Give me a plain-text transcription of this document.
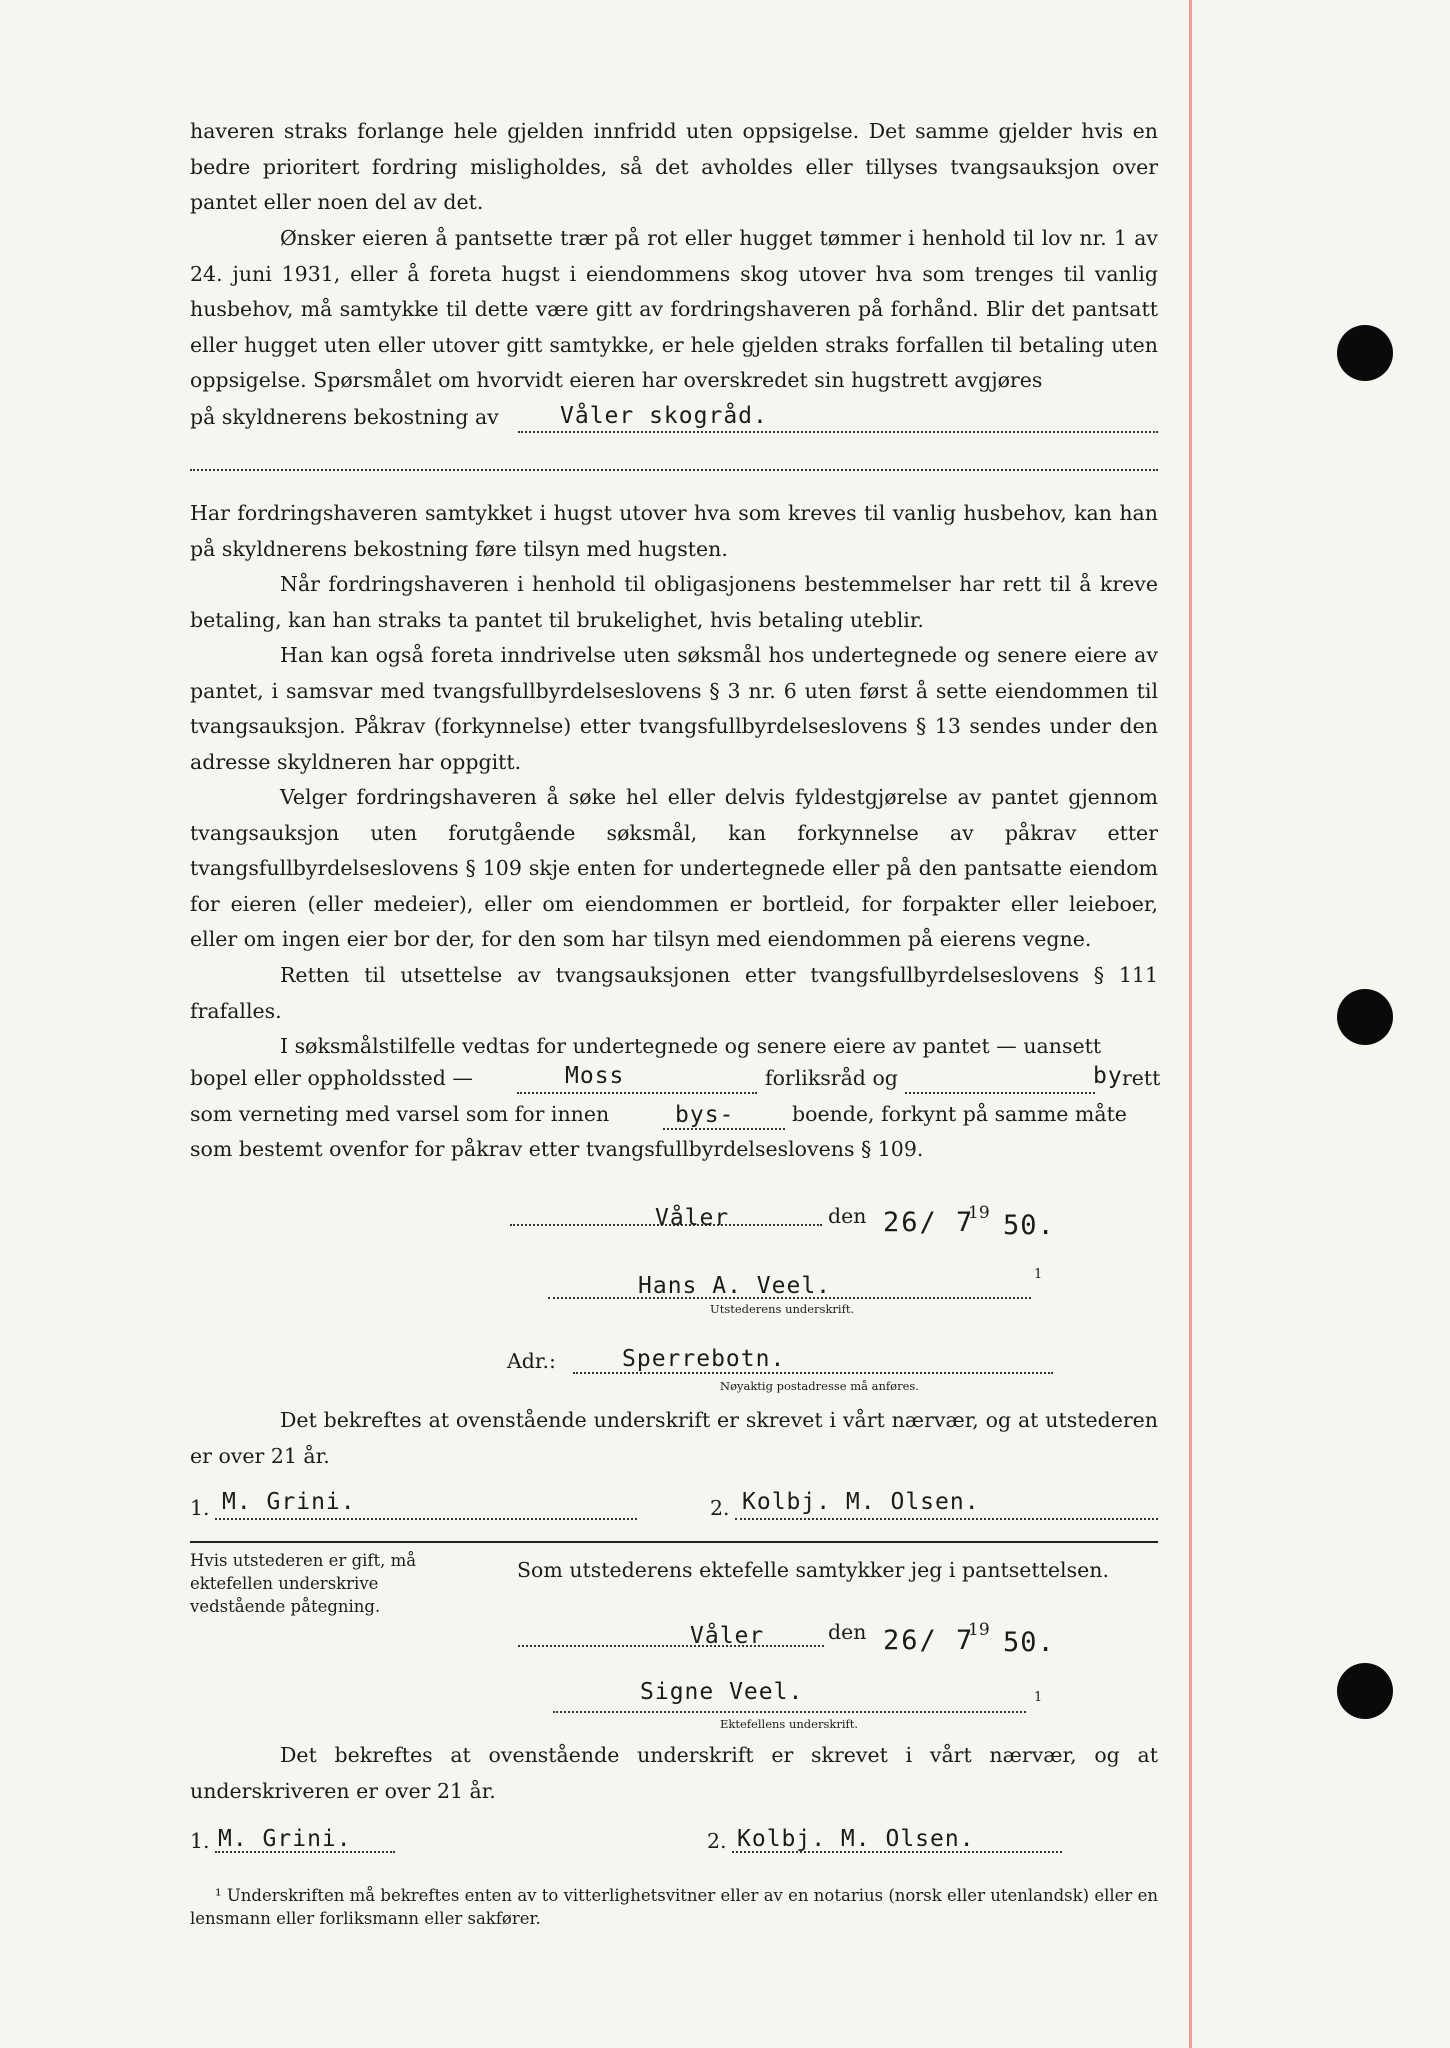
haveren straks forlange hele gjelden innfridd uten oppsigelse. Det samme gjelder hvis en bedre prioritert fordring misligholdes, så det avholdes eller tillyses tvangsauksjon over pantet eller noen del av det.

Ønsker eieren å pantsette trær på rot eller hugget tømmer i henhold til lov nr. 1 av 24. juni 1931, eller å foreta hugst i eiendommens skog utover hva som trenges til vanlig husbehov, må samtykke til dette være gitt av fordringshaveren på forhånd. Blir det pantsatt eller hugget uten eller utover gitt samtykke, er hele gjelden straks forfallen til betaling uten oppsigelse. Spørsmålet om hvorvidt eieren har overskredet sin hugstrett avgjøres

på skyldnerens bekostning av	Våler skogråd.

Har fordringshaveren samtykket i hugst utover hva som kreves til vanlig husbehov, kan han på skyldnerens bekostning føre tilsyn med hugsten.

Når fordringshaveren i henhold til obligasjonens bestemmelser har rett til å kreve betaling, kan han straks ta pantet til brukelighet, hvis betaling uteblir.

Han kan også foreta inndrivelse uten søksmål hos undertegnede og senere eiere av pantet, i samsvar med tvangsfullbyrdelseslovens § 3 nr. 6 uten først å sette eiendommen til tvangsauksjon. Påkrav (forkynnelse) etter tvangsfullbyrdelseslovens § 13 sendes under den adresse skyldneren har oppgitt.

Velger fordringshaveren å søke hel eller delvis fyldestgjørelse av pantet gjennom tvangsauksjon uten forutgående søksmål, kan forkynnelse av påkrav etter tvangsfullbyrdelseslovens § 109 skje enten for undertegnede eller på den pantsatte eiendom for eieren (eller medeier), eller om eiendommen er bortleid, for forpakter eller leieboer, eller om ingen eier bor der, for den som har tilsyn med eiendommen på eierens vegne.

Retten til utsettelse av tvangsauksjonen etter tvangsfullbyrdelseslovens § 111 frafalles.

I søksmålstilfelle vedtas for undertegnede og senere eiere av pantet — uansett

bopel eller oppholdssted —	Moss	forliksråd og	by rett
som verneting med varsel som for innen	bys-	boende, forkynt på samme måte
som bestemt ovenfor for påkrav etter tvangsfullbyrdelseslovens § 109.
Våler	den 26/ 7
19 50.
Hans A. Veel.	1
Utstederens underskrift.
Adr.:	Sperrebotn.
Nøyaktig postadresse må anføres.

Det bekreftes at ovenstående underskrift er skrevet i vårt nærvær, og at utstederen er over 21 år.

1. M. Grini.	2. Kolbj. M. Olsen.

Hvis utstederen er gift, må ektefellen underskrive vedstående påtegning.

Som utstederens ektefelle samtykker jeg i pantsettelsen.
Våler	den 26/ 7
19 50.
Signe Veel.	1
Ektefellens underskrift.

Det bekreftes at ovenstående underskrift er skrevet i vårt nærvær, og at underskriveren er over 21 år.

1. M. Grini.	2. Kolbj. M. Olsen.

¹ Underskriften må bekreftes enten av to vitterlighetsvitner eller av en notarius (norsk eller utenlandsk) eller en lensmann eller forliksmann eller sakfører.
